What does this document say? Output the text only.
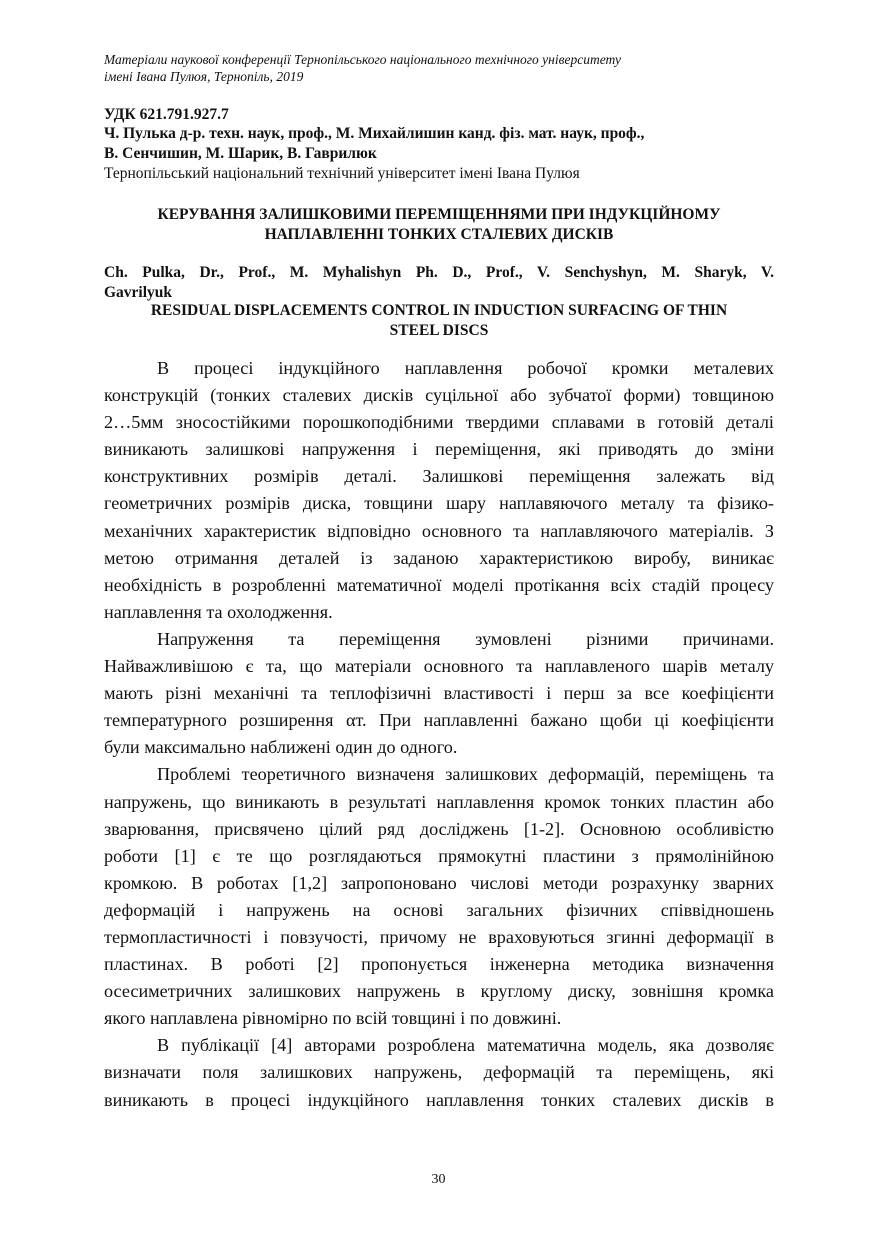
Матеріали наукової конференції Тернопільського національного технічного університету
імені Івана Пулюя, Тернопіль, 2019
УДК 621.791.927.7
Ч. Пулька д-р. техн. наук, проф., М. Михайлишин канд. фіз. мат. наук, проф.,
В. Сенчишин, М. Шарик, В. Гаврилюк
Тернопільський національний технічний університет імені Івана Пулюя
КЕРУВАННЯ ЗАЛИШКОВИМИ ПЕРЕМІЩЕННЯМИ ПРИ ІНДУКЦІЙНОМУ
НАПЛАВЛЕННІ ТОНКИХ СТАЛЕВИХ ДИСКІВ
Ch. Pulka, Dr., Prof., M. Myhalishyn Ph. D., Prof., V. Senchyshyn, M. Sharyk, V.
Gavrilyuk
RESIDUAL DISPLACEMENTS CONTROL IN INDUCTION SURFACING OF THIN
STEEL DISCS
В процесі індукційного наплавлення робочої кромки металевих
конструкцій (тонких сталевих дисків суцільної або зубчатої форми) товщиною
2…5мм зносостійкими порошкоподібними твердими сплавами в готовій деталі
виникають залишкові напруження і переміщення, які приводять до зміни
конструктивних розмірів деталі. Залишкові переміщення залежать від
геометричних розмірів диска, товщини шару наплавяючого металу та фізико-
механічних характеристик відповідно основного та наплавляючого матеріалів. З
метою отримання деталей із заданою характеристикою виробу, виникає
необхідність в розробленні математичної моделі протікання всіх стадій процесу
наплавлення та охолодження.
Напруження та переміщення зумовлені різними причинами.
Найважливішою є та, що матеріали основного та наплавленого шарів металу
мають різні механічні та теплофізичні властивості і перш за все коефіцієнти
температурного розширення αт. При наплавленні бажано щоби ці коефіцієнти
були максимально наближені один до одного.
Проблемі теоретичного визначеня залишкових деформацій, переміщень та
напружень, що виникають в результаті наплавлення кромок тонких пластин або
зварювання, присвячено цілий ряд досліджень [1-2]. Основною особливістю
роботи [1] є те що розглядаються прямокутні пластини з прямолінійною
кромкою. В роботах [1,2] запропоновано числові методи розрахунку зварних
деформацій і напружень на основі загальних фізичних співвідношень
термопластичності і повзучості, причому не враховуються згинні деформації в
пластинах. В роботі [2] пропонується інженерна методика визначення
осесиметричних залишкових напружень в круглому диску, зовнішня кромка
якого наплавлена рівномірно по всій товщині і по довжині.
В публікації [4] авторами розроблена математична модель, яка дозволяє
визначати поля залишкових напружень, деформацій та переміщень, які
виникають в процесі індукційного наплавлення тонких сталевих дисків в
30
